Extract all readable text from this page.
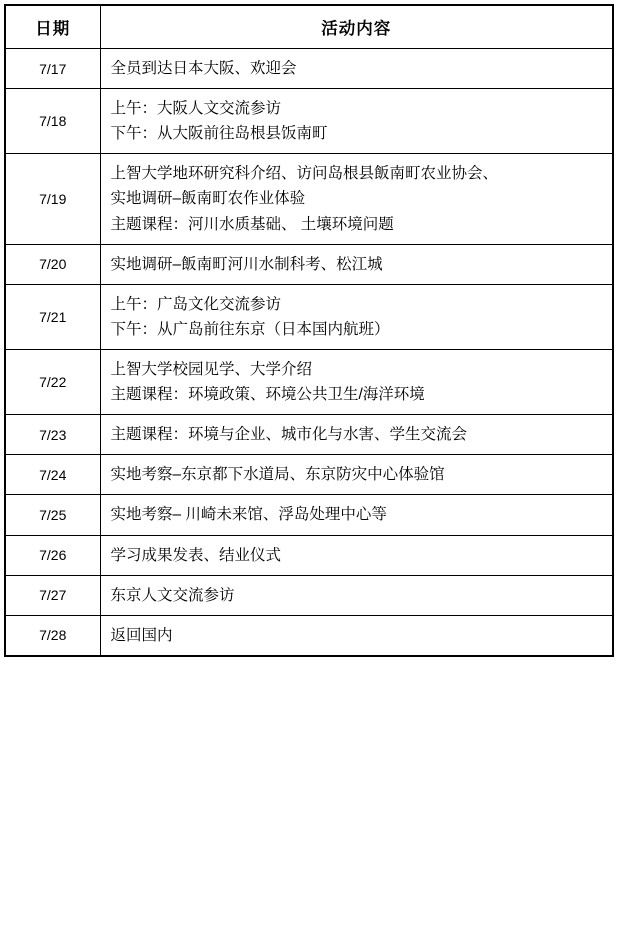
日期	活动内容
7/17	全员到达日本大阪、欢迎会

7/18	上午：大阪人文交流参访
下午：从大阪前往岛根县饭南町

7/19	上智大学地环研究科介绍、访问岛根县飯南町农业协会、
实地调研–飯南町农作业体验
主题课程：河川水质基础、 土壤环境问题

7/20	实地调研–飯南町河川水制科考、松江城

7/21	上午：广岛文化交流参访
下午：从广岛前往东京（日本国内航班）

7/22	上智大学校园见学、大学介绍
主题课程：环境政策、环境公共卫生/海洋环境

7/23	主题课程：环境与企业、城市化与水害、学生交流会

7/24	实地考察–东京都下水道局、东京防灾中心体验馆

7/25	实地考察– 川崎未来馆、浮岛处理中心等

7/26	学习成果发表、结业仪式

7/27	东京人文交流参访

7/28	返回国内
